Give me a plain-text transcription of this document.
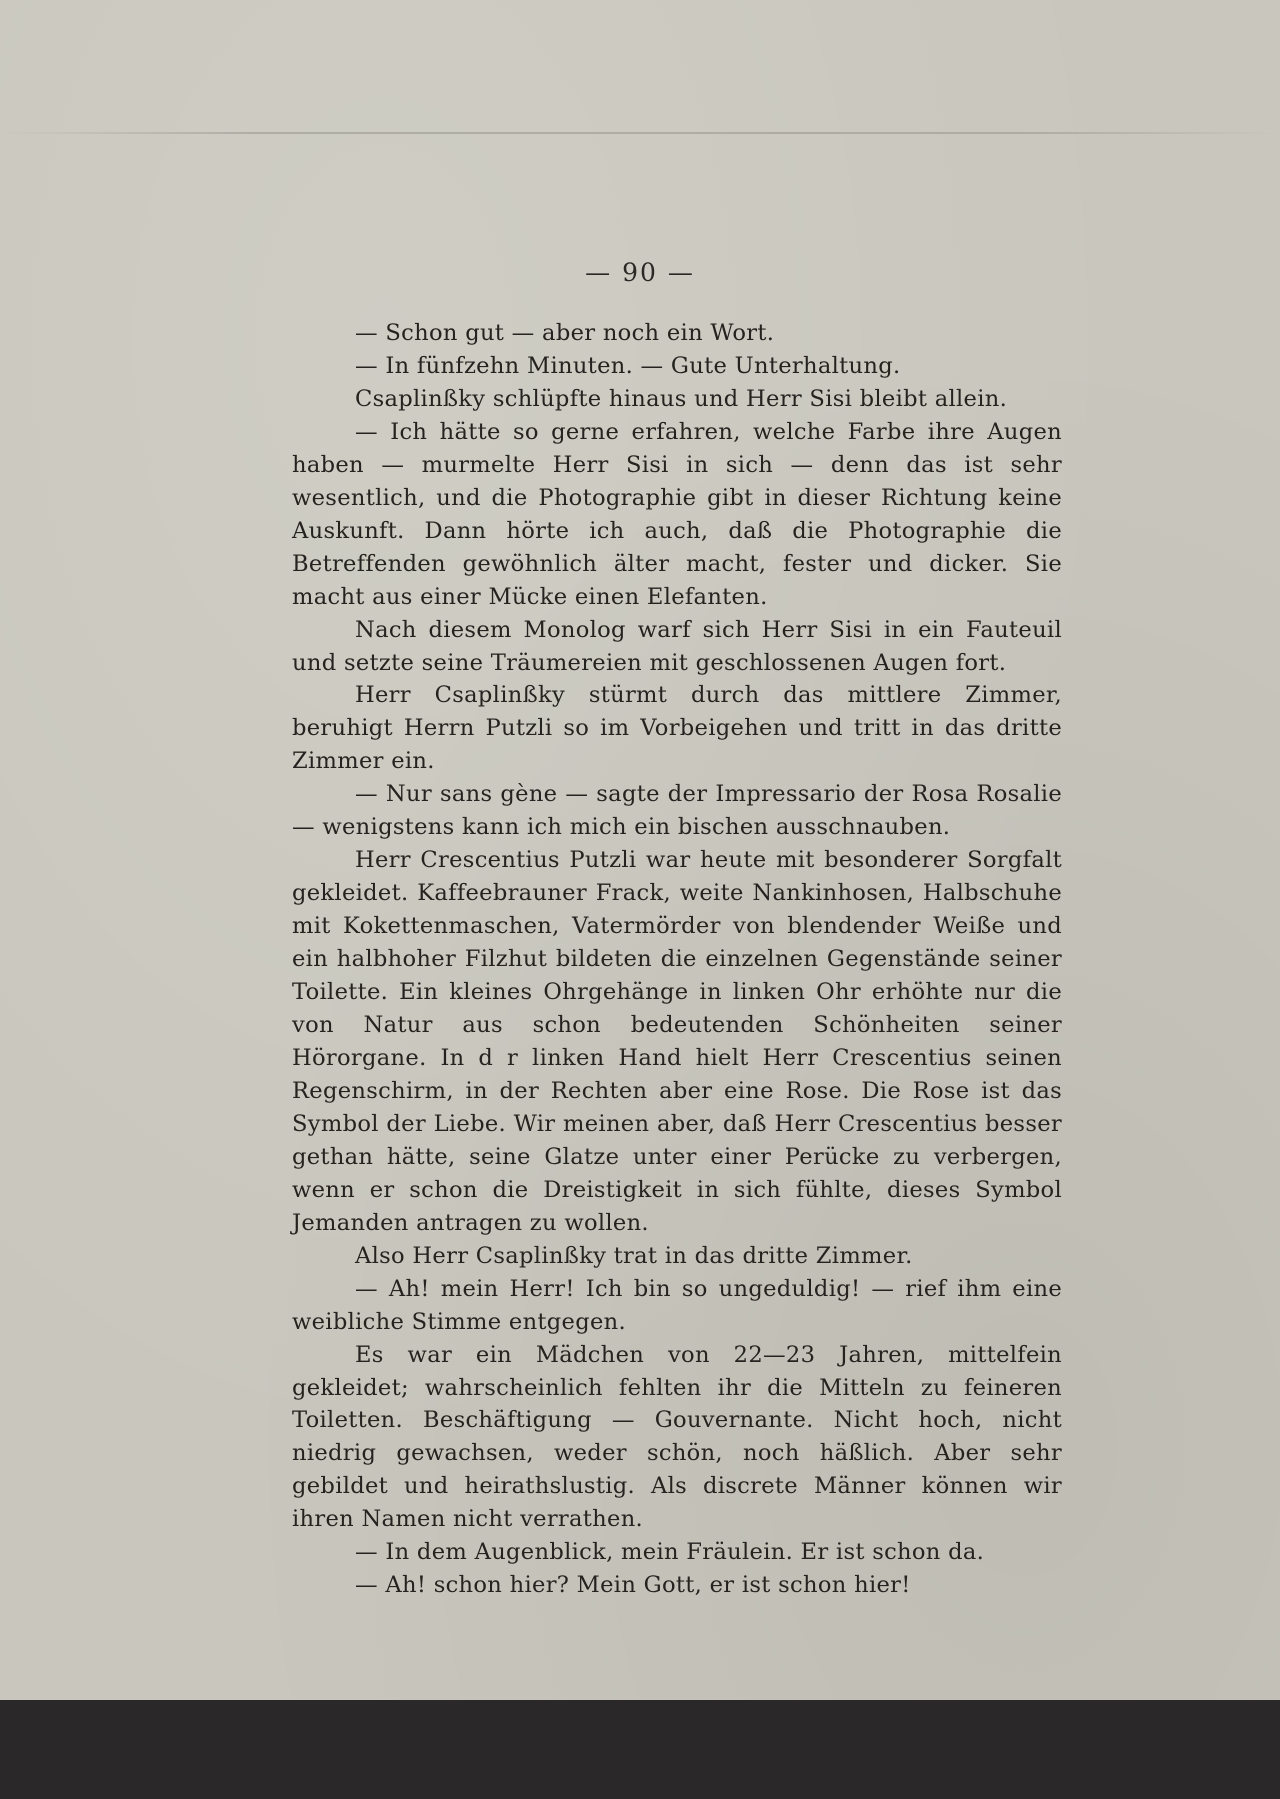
— 90 —

— Schon gut — aber noch ein Wort.

— In fünfzehn Minuten. — Gute Unterhaltung.

Csaplinßky schlüpfte hinaus und Herr Sisi bleibt allein.

— Ich hätte so gerne erfahren, welche Farbe ihre Augen haben — murmelte Herr Sisi in sich — denn das ist sehr wesentlich, und die Photographie gibt in dieser Richtung keine Auskunft. Dann hörte ich auch, daß die Photographie die Betreffenden gewöhnlich älter macht, fester und dicker. Sie macht aus einer Mücke einen Elefanten.

Nach diesem Monolog warf sich Herr Sisi in ein Fauteuil und setzte seine Träumereien mit geschlossenen Augen fort.

Herr Csaplinßky stürmt durch das mittlere Zimmer, beruhigt Herrn Putzli so im Vorbeigehen und tritt in das dritte Zimmer ein.

— Nur sans gène — sagte der Impressario der Rosa Rosalie — wenigstens kann ich mich ein bischen ausschnauben.

Herr Crescentius Putzli war heute mit besonderer Sorgfalt gekleidet. Kaffeebrauner Frack, weite Nankinhosen, Halbschuhe mit Kokettenmaschen, Vatermörder von blendender Weiße und ein halbhoher Filzhut bildeten die einzelnen Gegenstände seiner Toilette. Ein kleines Ohrgehänge in linken Ohr erhöhte nur die von Natur aus schon bedeutenden Schönheiten seiner Hörorgane. In d r linken Hand hielt Herr Crescentius seinen Regenschirm, in der Rechten aber eine Rose. Die Rose ist das Symbol der Liebe. Wir meinen aber, daß Herr Crescentius besser gethan hätte, seine Glatze unter einer Perücke zu verbergen, wenn er schon die Dreistigkeit in sich fühlte, dieses Symbol Jemanden antragen zu wollen.

Also Herr Csaplinßky trat in das dritte Zimmer.

— Ah! mein Herr! Ich bin so ungeduldig! — rief ihm eine weibliche Stimme entgegen.

Es war ein Mädchen von 22—23 Jahren, mittelfein gekleidet; wahrscheinlich fehlten ihr die Mitteln zu feineren Toiletten. Beschäftigung — Gouvernante. Nicht hoch, nicht niedrig gewachsen, weder schön, noch häßlich. Aber sehr gebildet und heirathslustig. Als discrete Männer können wir ihren Namen nicht verrathen.

— In dem Augenblick, mein Fräulein. Er ist schon da.

— Ah! schon hier? Mein Gott, er ist schon hier!
